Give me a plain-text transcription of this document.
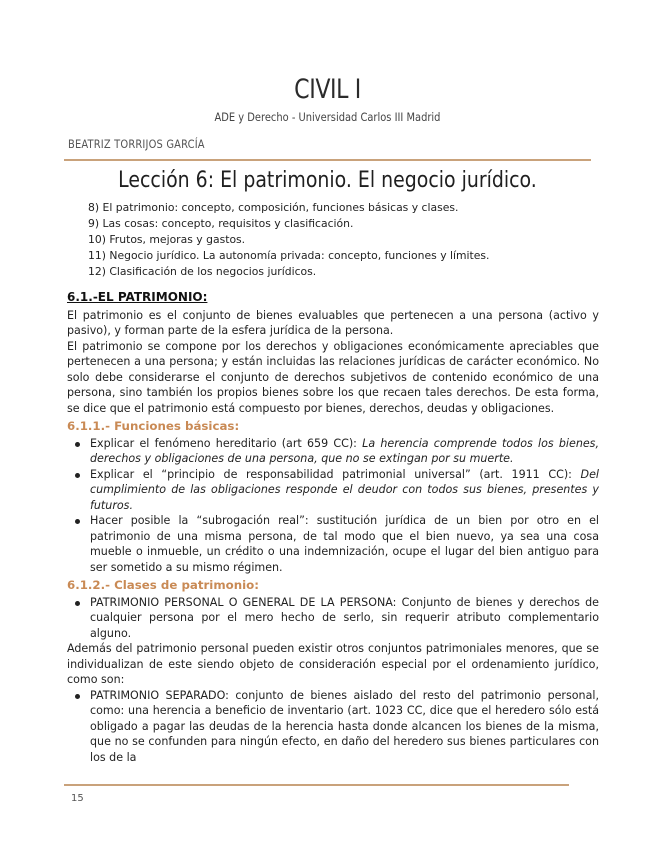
CIVIL I
ADE y Derecho - Universidad Carlos III Madrid
BEATRIZ TORRIJOS GARCÍA
Lección 6: El patrimonio. El negocio jurídico.
8) El patrimonio: concepto, composición, funciones básicas y clases.
9) Las cosas: concepto, requisitos y clasificación.
10) Frutos, mejoras y gastos.
11) Negocio jurídico. La autonomía privada: concepto, funciones y límites.
12) Clasificación de los negocios jurídicos.
6.1.-EL PATRIMONIO:
El patrimonio es el conjunto de bienes evaluables que pertenecen a una persona (activo y pasivo), y forman parte de la esfera jurídica de la persona.
El patrimonio se compone por los derechos y obligaciones económicamente apreciables que pertenecen a una persona; y están incluidas las relaciones jurídicas de carácter económico. No solo debe considerarse el conjunto de derechos subjetivos de contenido económico de una persona, sino también los propios bienes sobre los que recaen tales derechos. De esta forma, se dice que el patrimonio está compuesto por bienes, derechos, deudas y obligaciones.
6.1.1.- Funciones básicas:
Explicar el fenómeno hereditario (art 659 CC): La herencia comprende todos los bienes, derechos y obligaciones de una persona, que no se extingan por su muerte.
Explicar el “principio de responsabilidad patrimonial universal” (art. 1911 CC): Del cumplimiento de las obligaciones responde el deudor con todos sus bienes, presentes y futuros.
Hacer posible la “subrogación real”: sustitución jurídica de un bien por otro en el patrimonio de una misma persona, de tal modo que el bien nuevo, ya sea una cosa mueble o inmueble, un crédito o una indemnización, ocupe el lugar del bien antiguo para ser sometido a su mismo régimen.
6.1.2.- Clases de patrimonio:
PATRIMONIO PERSONAL O GENERAL DE LA PERSONA: Conjunto de bienes y derechos de cualquier persona por el mero hecho de serlo, sin requerir atributo complementario alguno.
Además del patrimonio personal pueden existir otros conjuntos patrimoniales menores, que se individualizan de este siendo objeto de consideración especial por el ordenamiento jurídico, como son:
PATRIMONIO SEPARADO: conjunto de bienes aislado del resto del patrimonio personal, como: una herencia a beneficio de inventario (art. 1023 CC, dice que el heredero sólo está obligado a pagar las deudas de la herencia hasta donde alcancen los bienes de la misma, que no se confunden para ningún efecto, en daño del heredero sus bienes particulares con los de la
15
